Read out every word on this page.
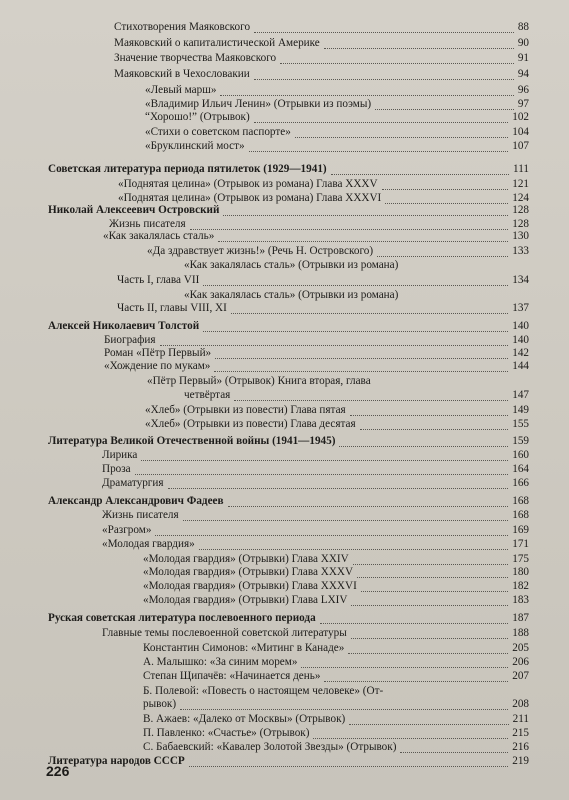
Стихотворения Маяковского	88
Маяковский о капиталистической Америке	90
Значение творчества Маяковского	91
Маяковский в Чехословакии	94
«Левый марш»	96
«Владимир Ильич Ленин» (Отрывки из поэмы)	97
“Хорошо!” (Отрывок)	102
«Стихи о советском паспорте»	104
«Бруклинский мост»	107
Советская литература периода пятилеток (1929—1941)	111
«Поднятая целина» (Отрывок из романа) Глава XXXV	121
«Поднятая целина» (Отрывок из романа) Глава XXXVI	124
Николай Алексеевич Островский	128
Жизнь писателя	128
«Как закалялась сталь»	130
«Да здравствует жизнь!» (Речь Н. Островского)	133
«Как закалялась сталь» (Отрывки из романа)
Часть I, глава VII	134
«Как закалялась сталь» (Отрывки из романа)
Часть II, главы VIII, XI	137
Алексей Николаевич Толстой	140
Биография	140
Роман «Пётр Первый»	142
«Хождение по мукам»	144
«Пётр Первый» (Отрывок) Книга вторая, глава
четвёртая	147
«Хлеб» (Отрывки из повести) Глава пятая	149
«Хлеб» (Отрывки из повести) Глава десятая	155
Литература Великой Отечественной войны (1941—1945)	159
Лирика	160
Проза	164
Драматургия	166
Александр Александрович Фадеев	168
Жизнь писателя	168
«Разгром»	169
«Молодая гвардия»	171
«Молодая гвардия» (Отрывки) Глава XXIV	175
«Молодая гвардия» (Отрывки) Глава XXXV	180
«Молодая гвардия» (Отрывки) Глава XXXVI	182
«Молодая гвардия» (Отрывки) Глава LXIV	183
Руская советская литература послевоенного периода	187
Главные темы послевоенной советской литературы	188
Константин Симонов: «Митинг в Канаде»	205
А. Малышко: «За синим морем»	206
Степан Щипачёв: «Начинается день»	207
Б. Полевой: «Повесть о настоящем человеке» (От-
рывок)	208
В. Ажаев: «Далеко от Москвы» (Отрывок)	211
П. Павленко: «Счастье» (Отрывок)	215
С. Бабаевский: «Кавалер Золотой Звезды» (Отрывок)	216
Литература народов СССР	219
226
